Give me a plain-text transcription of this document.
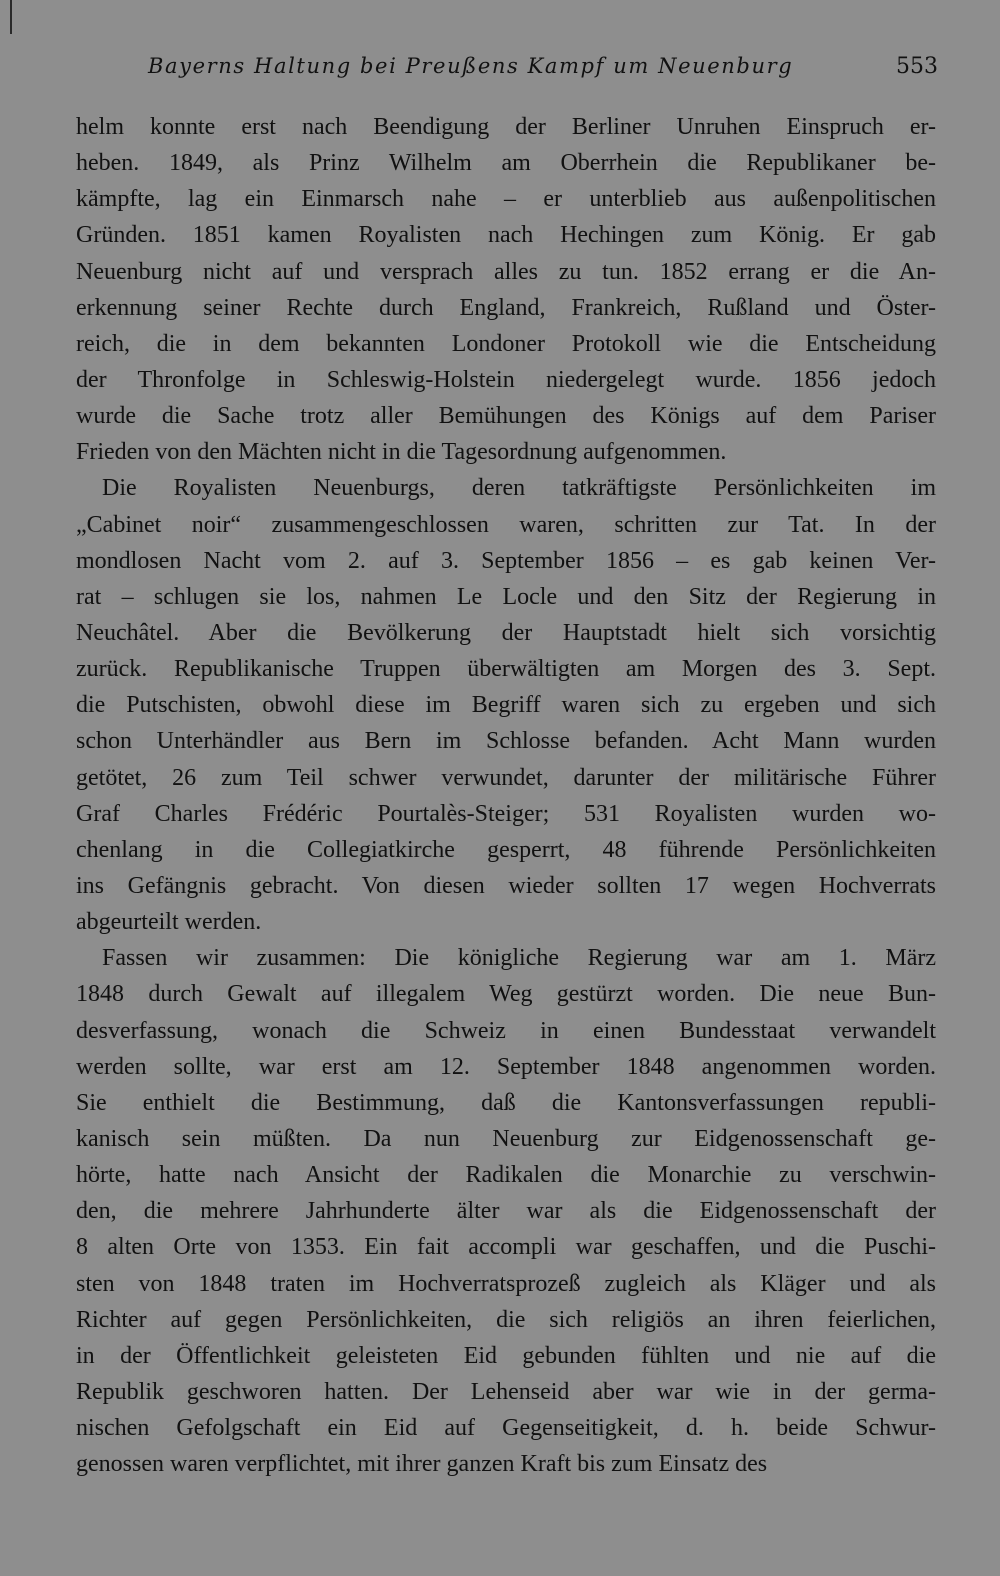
Bayerns Haltung bei Preußens Kampf um Neuenburg	553
helm konnte erst nach Beendigung der Berliner Unruhen Einspruch er-
heben. 1849, als Prinz Wilhelm am Oberrhein die Republikaner be-
kämpfte, lag ein Einmarsch nahe – er unterblieb aus außenpolitischen
Gründen. 1851 kamen Royalisten nach Hechingen zum König. Er gab
Neuenburg nicht auf und versprach alles zu tun. 1852 errang er die An-
erkennung seiner Rechte durch England, Frankreich, Rußland und Öster-
reich, die in dem bekannten Londoner Protokoll wie die Entscheidung
der Thronfolge in Schleswig-Holstein niedergelegt wurde. 1856 jedoch
wurde die Sache trotz aller Bemühungen des Königs auf dem Pariser
Frieden von den Mächten nicht in die Tagesordnung aufgenommen.
Die Royalisten Neuenburgs, deren tatkräftigste Persönlichkeiten im
„Cabinet noir“ zusammengeschlossen waren, schritten zur Tat. In der
mondlosen Nacht vom 2. auf 3. September 1856 – es gab keinen Ver-
rat – schlugen sie los, nahmen Le Locle und den Sitz der Regierung in
Neuchâtel. Aber die Bevölkerung der Hauptstadt hielt sich vorsichtig
zurück. Republikanische Truppen überwältigten am Morgen des 3. Sept.
die Putschisten, obwohl diese im Begriff waren sich zu ergeben und sich
schon Unterhändler aus Bern im Schlosse befanden. Acht Mann wurden
getötet, 26 zum Teil schwer verwundet, darunter der militärische Führer
Graf Charles Frédéric Pourtalès-Steiger; 531 Royalisten wurden wo-
chenlang in die Collegiatkirche gesperrt, 48 führende Persönlichkeiten
ins Gefängnis gebracht. Von diesen wieder sollten 17 wegen Hochverrats
abgeurteilt werden.
Fassen wir zusammen: Die königliche Regierung war am 1. März
1848 durch Gewalt auf illegalem Weg gestürzt worden. Die neue Bun-
desverfassung, wonach die Schweiz in einen Bundesstaat verwandelt
werden sollte, war erst am 12. September 1848 angenommen worden.
Sie enthielt die Bestimmung, daß die Kantonsverfassungen republi-
kanisch sein müßten. Da nun Neuenburg zur Eidgenossenschaft ge-
hörte, hatte nach Ansicht der Radikalen die Monarchie zu verschwin-
den, die mehrere Jahrhunderte älter war als die Eidgenossenschaft der
8 alten Orte von 1353. Ein fait accompli war geschaffen, und die Puschi-
sten von 1848 traten im Hochverratsprozeß zugleich als Kläger und als
Richter auf gegen Persönlichkeiten, die sich religiös an ihren feierlichen,
in der Öffentlichkeit geleisteten Eid gebunden fühlten und nie auf die
Republik geschworen hatten. Der Lehenseid aber war wie in der germa-
nischen Gefolgschaft ein Eid auf Gegenseitigkeit, d. h. beide Schwur-
genossen waren verpflichtet, mit ihrer ganzen Kraft bis zum Einsatz des
